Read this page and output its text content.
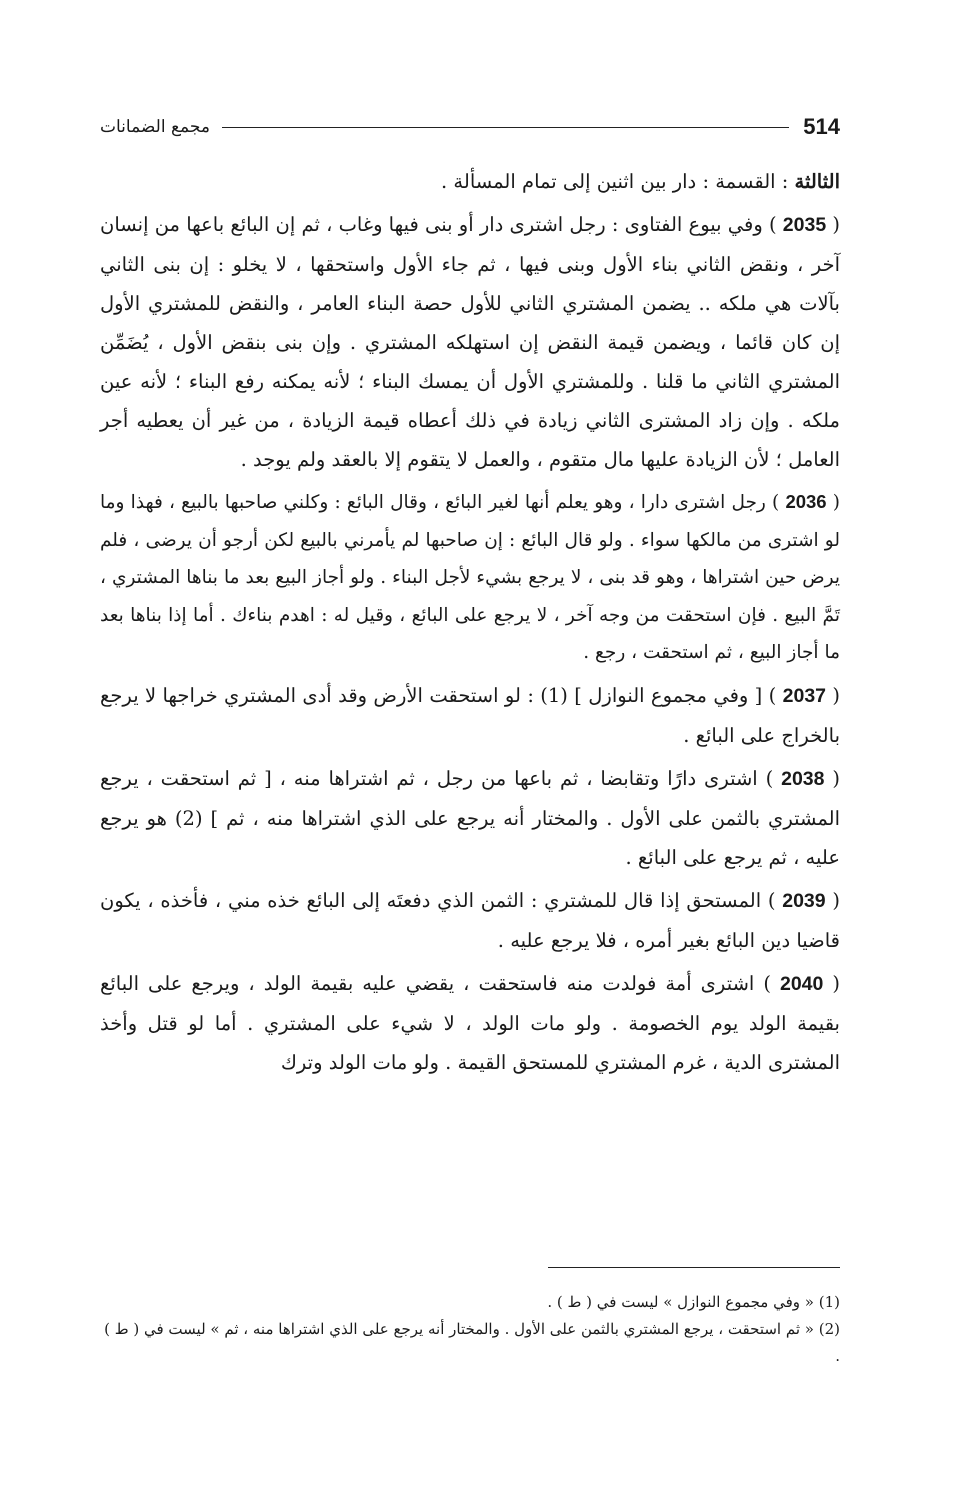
514
مجمع الضمانات

الثالثة : القسمة : دار بين اثنين إلى تمام المسألة .

( 2035 ) وفي بيوع الفتاوى : رجل اشترى دار أو بنى فيها وغاب ، ثم إن البائع باعها من إنسان آخر ، ونقض الثاني بناء الأول وبنى فيها ، ثم جاء الأول واستحقها ، لا يخلو : إن بنى الثاني بآلات هي ملكه .. يضمن المشتري الثاني للأول حصة البناء العامر ، والنقض للمشتري الأول إن كان قائما ، ويضمن قيمة النقض إن استهلكه المشتري . وإن بنى بنقض الأول ، يُضَمِّن المشتري الثاني ما قلنا . وللمشتري الأول أن يمسك البناء ؛ لأنه يمكنه رفع البناء ؛ لأنه عين ملكه . وإن زاد المشترى الثاني زيادة في ذلك أعطاه قيمة الزيادة ، من غير أن يعطيه أجر العامل ؛ لأن الزيادة عليها مال متقوم ، والعمل لا يتقوم إلا بالعقد ولم يوجد .

( 2036 ) رجل اشترى دارا ، وهو يعلم أنها لغير البائع ، وقال البائع : وكلني صاحبها بالبيع ، فهذا وما لو اشترى من مالكها سواء . ولو قال البائع : إن صاحبها لم يأمرني بالبيع لكن أرجو أن يرضى ، فلم يرض حين اشتراها ، وهو قد بنى ، لا يرجع بشيء لأجل البناء . ولو أجاز البيع بعد ما بناها المشتري ، تَمَّ البيع . فإن استحقت من وجه آخر ، لا يرجع على البائع ، وقيل له : اهدم بناءك . أما إذا بناها بعد ما أجاز البيع ، ثم استحقت ، رجع .

( 2037 ) [ وفي مجموع النوازل ] (1) : لو استحقت الأرض وقد أدى المشتري خراجها لا يرجع بالخراج على البائع .

( 2038 ) اشترى دارًا وتقابضا ، ثم باعها من رجل ، ثم اشتراها منه ، [ ثم استحقت ، يرجع المشتري بالثمن على الأول . والمختار أنه يرجع على الذي اشتراها منه ، ثم ] (2) هو يرجع عليه ، ثم يرجع على البائع .

( 2039 ) المستحق إذا قال للمشتري : الثمن الذي دفعتَه إلى البائع خذه مني ، فأخذه ، يكون قاضيا دين البائع بغير أمره ، فلا يرجع عليه .

( 2040 ) اشترى أمة فولدت منه فاستحقت ، يقضي عليه بقيمة الولد ، ويرجع على البائع بقيمة الولد يوم الخصومة . ولو مات الولد ، لا شيء على المشتري . أما لو قتل وأخذ المشترى الدية ، غرم المشتري للمستحق القيمة . ولو مات الولد وترك

(1) « وفي مجموع النوازل » ليست في ( ط ) .

(2) « ثم استحقت ، يرجع المشتري بالثمن على الأول . والمختار أنه يرجع على الذي اشتراها منه ، ثم » ليست في ( ط ) .
